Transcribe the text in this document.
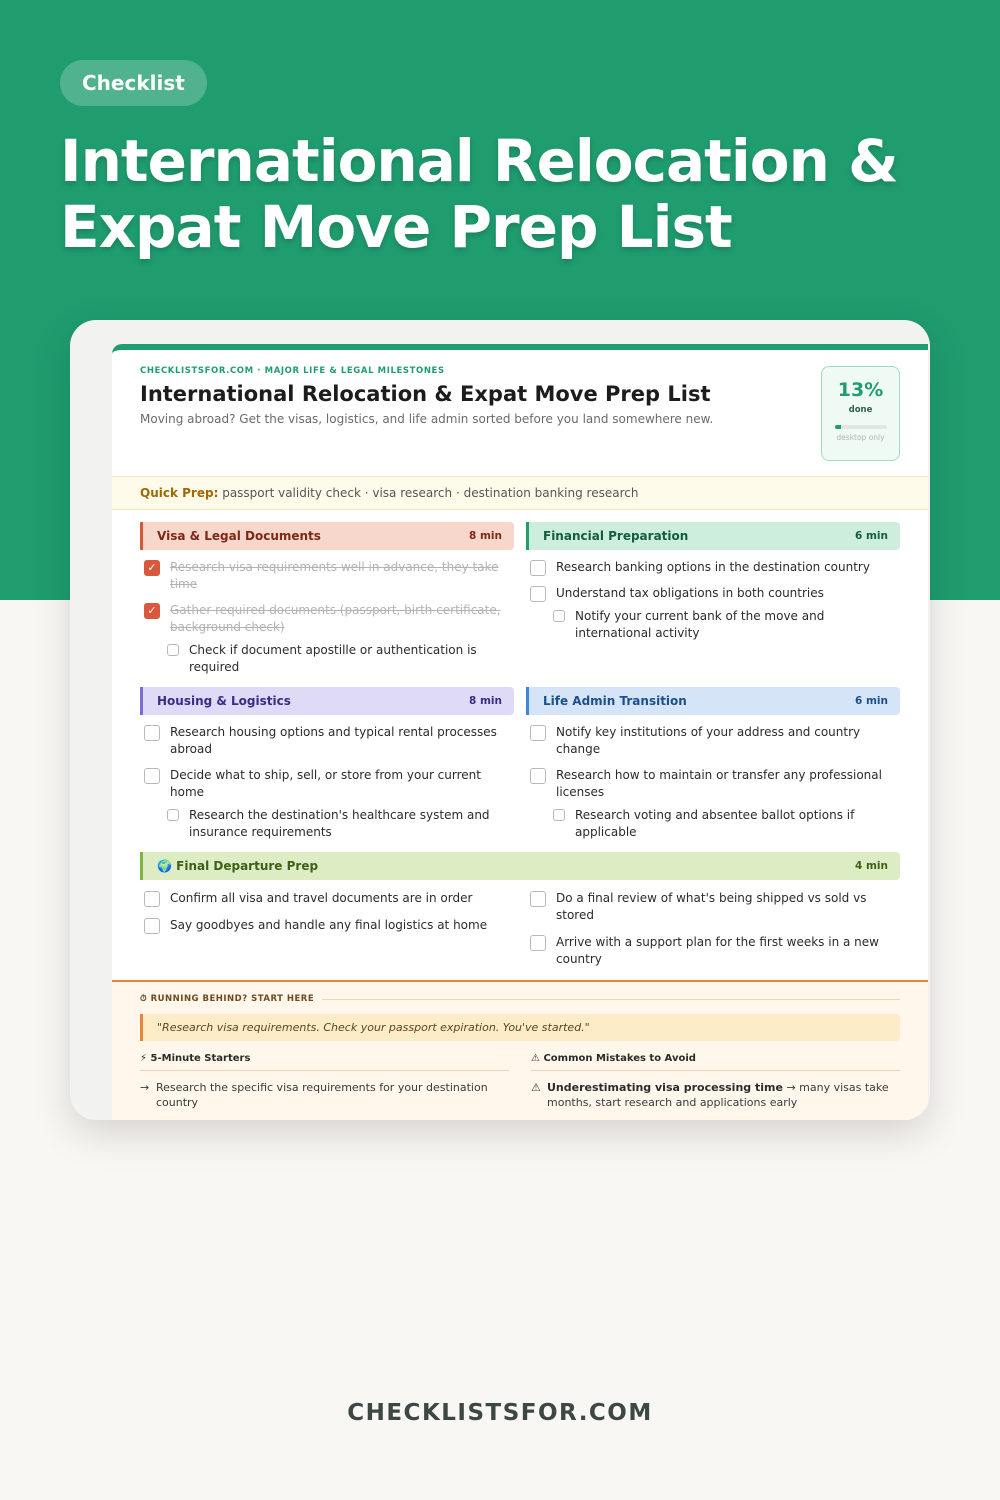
Checklist
International Relocation &
Expat Move Prep List
CHECKLISTSFOR.COM · MAJOR LIFE & LEGAL MILESTONES
International Relocation & Expat Move Prep List
Moving abroad? Get the visas, logistics, and life admin sorted before you land somewhere new.
13%
done
desktop only
Quick Prep: passport validity check · visa research · destination banking research
🌍 Final Departure Prep	4 min
Confirm all visa and travel documents are in order
Say goodbyes and handle any final logistics at home
Do a final review of what's being shipped vs sold vs stored
Arrive with a support plan for the first weeks in a new country
Visa & Legal Documents	8 min
✓ Research visa requirements well in advance, they take time
✓ Gather required documents (passport, birth certificate, background check)
Check if document apostille or authentication is required
Financial Preparation	6 min
Research banking options in the destination country
Understand tax obligations in both countries
Notify your current bank of the move and international activity
Housing & Logistics	8 min
Research housing options and typical rental processes abroad
Decide what to ship, sell, or store from your current home
Research the destination's healthcare system and insurance requirements
Life Admin Transition	6 min
Notify key institutions of your address and country change
Research how to maintain or transfer any professional licenses
Research voting and absentee ballot options if applicable
⏱
RUNNING BEHIND? START HERE
"Research visa requirements. Check your passport expiration. You've started."
⚡ 5-Minute Starters
→ Research the specific visa requirements for your destination country
⚠ Common Mistakes to Avoid
⚠ Underestimating visa processing time → many visas take months, start research and applications early
CHECKLISTSFOR.COM
